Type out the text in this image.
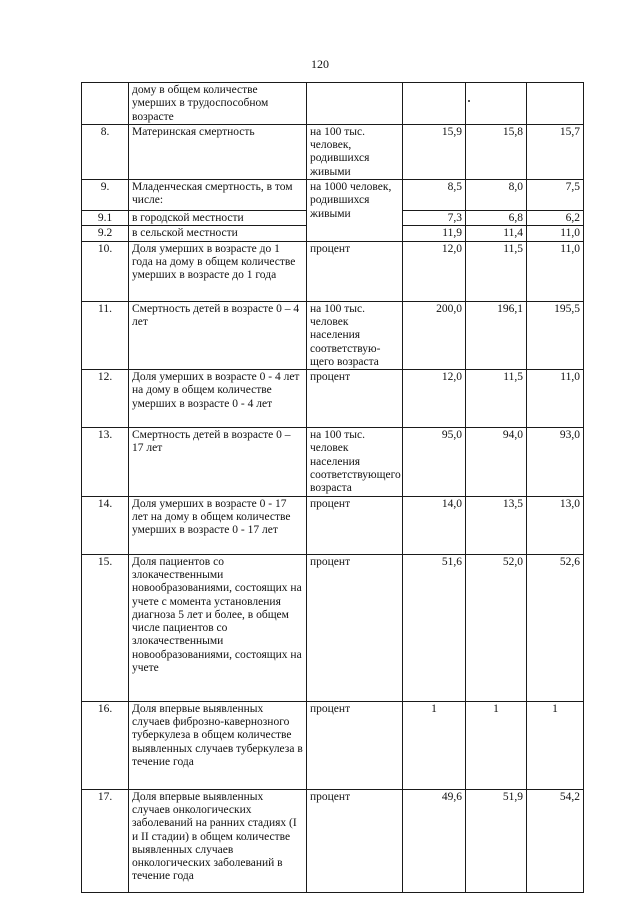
120
	дому в общем количестве умерших в трудоспособном возрасте				
8.	Материнская смертность	на 100 тыс. человек, родившихся живыми	15,9	15,8	15,7
9.	Младенческая смертность, в том числе:	на 1000 человек, родившихся живыми	8,5	8,0	7,5
9.1	в городской местности		7,3	6,8	6,2
9.2	в сельской местности		11,9	11,4	11,0
10.	Доля умерших в возрасте до 1 года на дому в общем количестве умерших в возрасте до 1 года	процент	12,0	11,5	11,0
11.	Смертность детей в возрасте 0 – 4 лет	на 100 тыс. человек населения соответствую-щего возраста	200,0	196,1	195,5
12.	Доля умерших в возрасте 0 - 4 лет на дому в общем количестве умерших в возрасте 0 - 4 лет	процент	12,0	11,5	11,0
13.	Смертность детей в возрасте 0 – 17 лет	на 100 тыс. человек населения соответствующего возраста	95,0	94,0	93,0
14.	Доля умерших в возрасте 0 - 17 лет на дому в общем количестве умерших в возрасте 0 - 17 лет	процент	14,0	13,5	13,0
15.	Доля пациентов со злокачественными новообразованиями, состоящих на учете с момента установления диагноза 5 лет и более, в общем числе пациентов со злокачественными новообразованиями, состоящих на учете	процент	51,6	52,0	52,6
16.	Доля впервые выявленных случаев фиброзно-кавернозного туберкулеза в общем количестве выявленных случаев туберкулеза в течение года	процент	1	1	1
17.	Доля впервые выявленных случаев онкологических заболеваний на ранних стадиях (I и II стадии) в общем количестве выявленных случаев онкологических заболеваний в течение года	процент	49,6	51,9	54,2
